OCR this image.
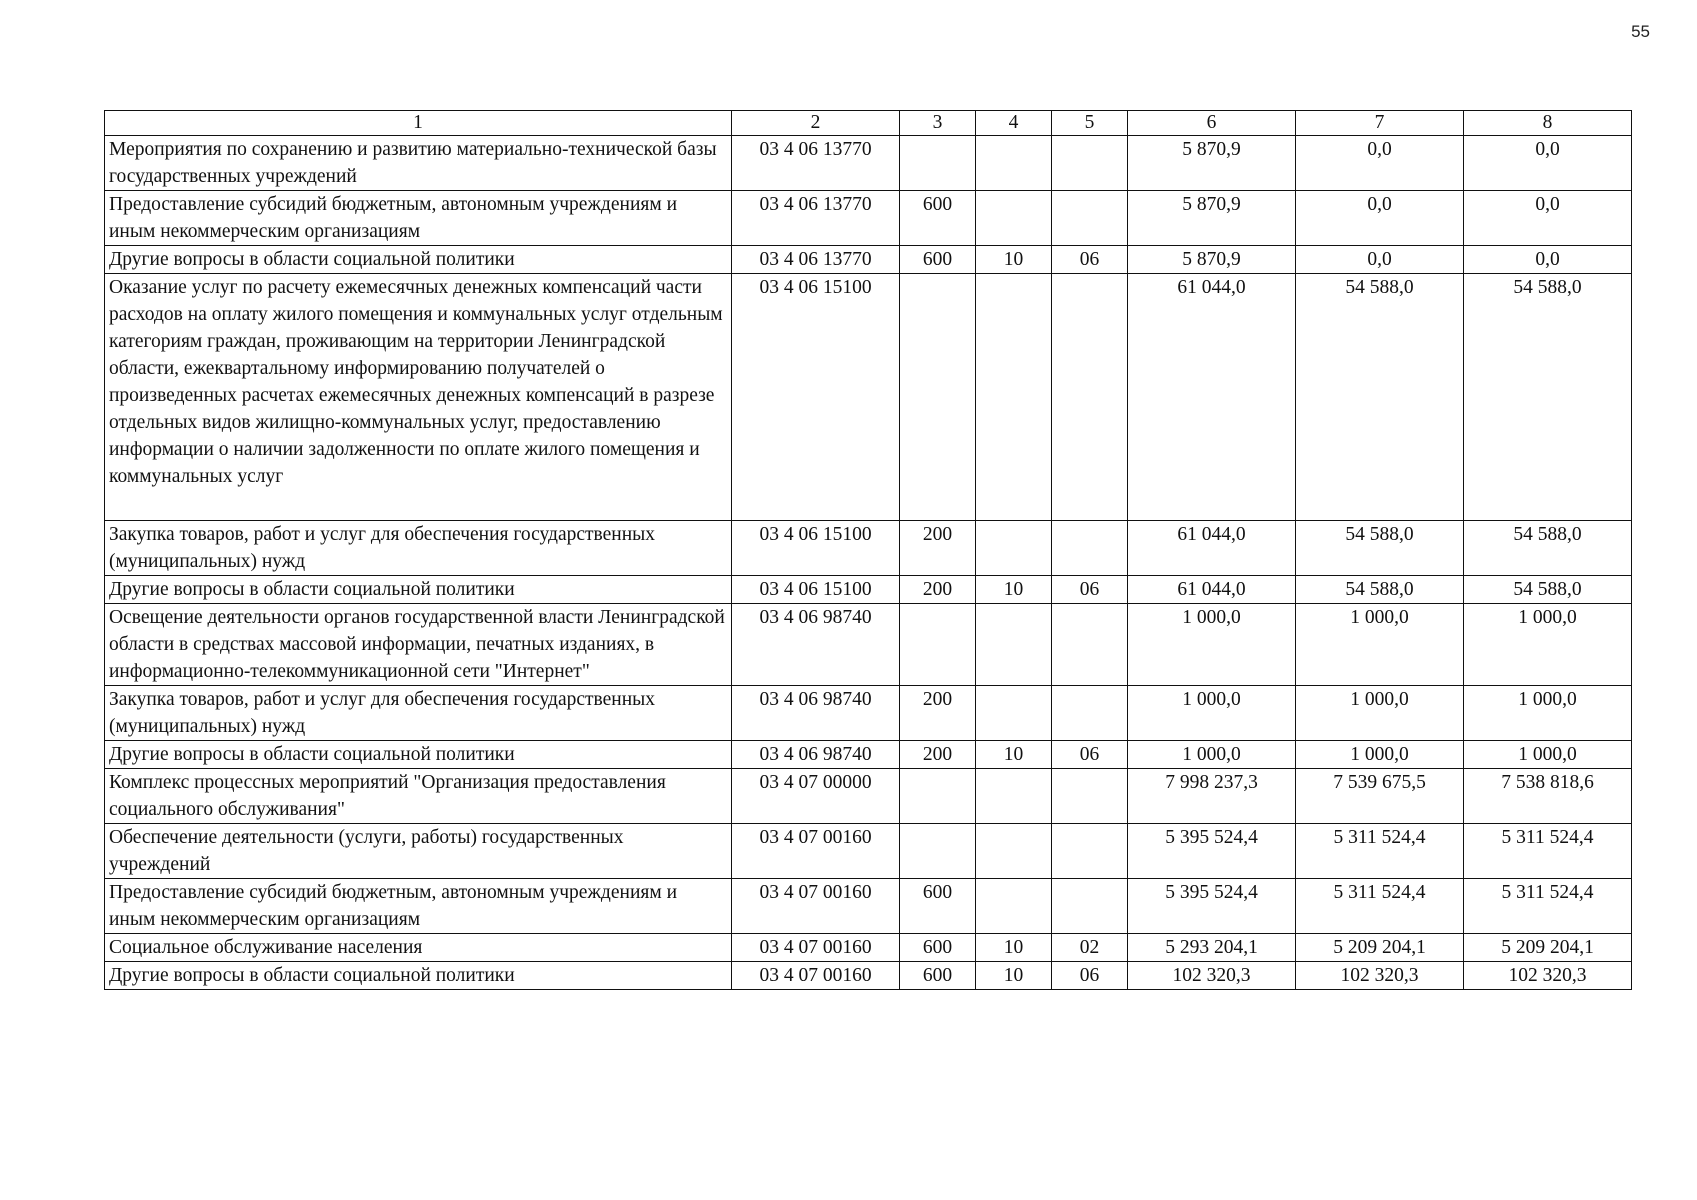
55
1	2	3	4	5	6	7	8
Мероприятия по сохранению и развитию материально-технической базы государственных учреждений	03 4 06 13770				5 870,9	0,0	0,0
Предоставление субсидий бюджетным, автономным учреждениям и иным некоммерческим организациям	03 4 06 13770	600			5 870,9	0,0	0,0
Другие вопросы в области социальной политики	03 4 06 13770	600	10	06	5 870,9	0,0	0,0
Оказание услуг по расчету ежемесячных денежных компенсаций части расходов на оплату жилого помещения и коммунальных услуг отдельным категориям граждан, проживающим на территории Ленинградской области, ежеквартальному информированию получателей о произведенных расчетах ежемесячных денежных компенсаций в разрезе отдельных видов жилищно-коммунальных услуг, предоставлению информации о наличии задолженности по оплате жилого помещения и коммунальных услуг	03 4 06 15100				61 044,0	54 588,0	54 588,0
Закупка товаров, работ и услуг для обеспечения государственных (муниципальных) нужд	03 4 06 15100	200			61 044,0	54 588,0	54 588,0
Другие вопросы в области социальной политики	03 4 06 15100	200	10	06	61 044,0	54 588,0	54 588,0
Освещение деятельности органов государственной власти Ленинградской области в средствах массовой информации, печатных изданиях, в информационно-телекоммуникационной сети "Интернет"	03 4 06 98740				1 000,0	1 000,0	1 000,0
Закупка товаров, работ и услуг для обеспечения государственных (муниципальных) нужд	03 4 06 98740	200			1 000,0	1 000,0	1 000,0
Другие вопросы в области социальной политики	03 4 06 98740	200	10	06	1 000,0	1 000,0	1 000,0
Комплекс процессных мероприятий "Организация предоставления социального обслуживания"	03 4 07 00000				7 998 237,3	7 539 675,5	7 538 818,6
Обеспечение деятельности (услуги, работы) государственных учреждений	03 4 07 00160				5 395 524,4	5 311 524,4	5 311 524,4
Предоставление субсидий бюджетным, автономным учреждениям и иным некоммерческим организациям	03 4 07 00160	600			5 395 524,4	5 311 524,4	5 311 524,4
Социальное обслуживание населения	03 4 07 00160	600	10	02	5 293 204,1	5 209 204,1	5 209 204,1
Другие вопросы в области социальной политики	03 4 07 00160	600	10	06	102 320,3	102 320,3	102 320,3
